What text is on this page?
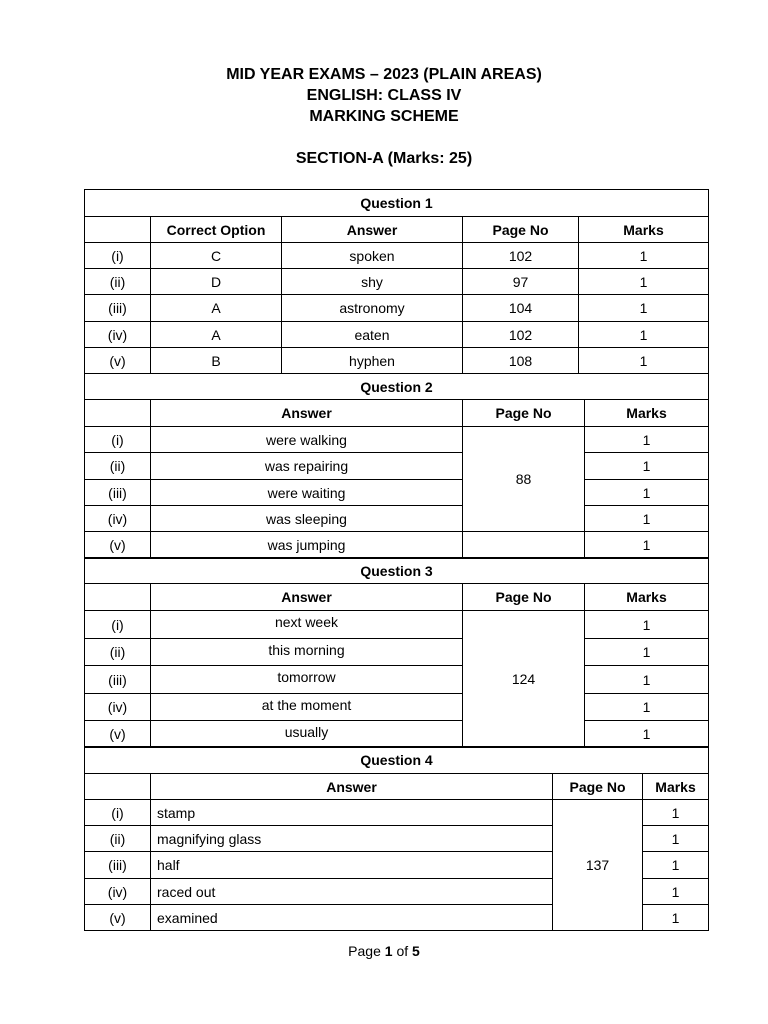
MID YEAR EXAMS – 2023 (PLAIN AREAS)
ENGLISH: CLASS IV
MARKING SCHEME
SECTION-A (Marks: 25)
Question 1				
	Correct Option	Answer	Page No	Marks
(i)	C	spoken	102	1
(ii)	D	shy	97	1
(iii)	A	astronomy	104	1
(iv)	A	eaten	102	1
(v)	B	hyphen	108	1
Question 2			
	Answer	Page No	Marks
(i)	were walking	88	1
(ii)	was repairing		1
(iii)	were waiting		1
(iv)	was sleeping		1
(v)	was jumping		1
Question 3			
	Answer	Page No	Marks
(i)	next week	124	1
(ii)	this morning		1
(iii)	tomorrow		1
(iv)	at the moment		1
(v)	usually		1
Question 4			
	Answer	Page No	Marks
(i)	stamp	137	1
(ii)	magnifying glass		1
(iii)	half		1
(iv)	raced out		1
(v)	examined		1
Page 1 of 5
